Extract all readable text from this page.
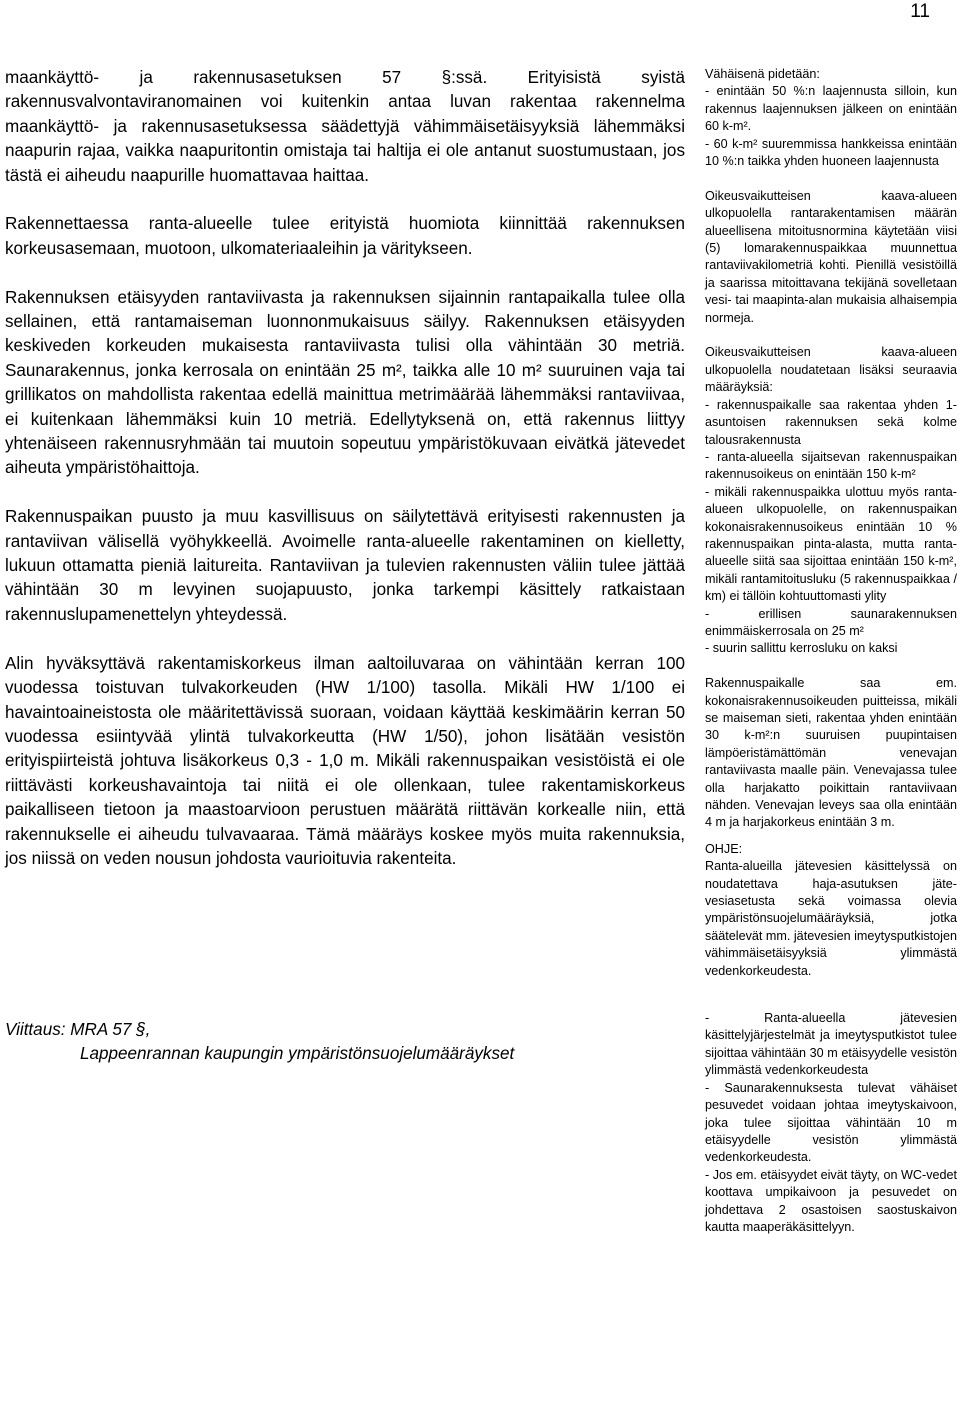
11

maankäyttö- ja rakennusasetuksen 57 §:ssä. Erityisistä syistä rakennusvalvontaviranomainen voi kuitenkin antaa luvan rakentaa rakennelma maankäyttö- ja rakennusasetuksessa säädettyjä vähimmäisetäisyyksiä lähemmäksi naapurin rajaa, vaikka naapuritontin omistaja tai haltija ei ole antanut suostumustaan, jos tästä ei aiheudu naapurille huomattavaa haittaa.

Rakennettaessa ranta-alueelle tulee erityistä huomiota kiinnittää rakennuksen korkeusasemaan, muotoon, ulkomateriaaleihin ja väritykseen.

Rakennuksen etäisyyden rantaviivasta ja rakennuksen sijainnin rantapaikalla tulee olla sellainen, että rantamaiseman luonnonmukaisuus säilyy. Rakennuksen etäisyyden keskiveden korkeuden mukaisesta rantaviivasta tulisi olla vähintään 30 metriä. Saunarakennus, jonka kerrosala on enintään 25 m², taikka alle 10 m² suuruinen vaja tai grillikatos on mahdollista rakentaa edellä mainittua metrimäärää lähemmäksi rantaviivaa, ei kuitenkaan lähemmäksi kuin 10 metriä. Edellytyksenä on, että rakennus liittyy yhtenäiseen rakennusryhmään tai muutoin sopeutuu ympäristökuvaan eivätkä jätevedet aiheuta ympäristöhaittoja.

Rakennuspaikan puusto ja muu kasvillisuus on säilytettävä erityisesti rakennusten ja rantaviivan välisellä vyöhykkeellä. Avoimelle ranta-alueelle rakentaminen on kielletty, lukuun ottamatta pieniä laitureita. Rantaviivan ja tulevien rakennusten väliin tulee jättää vähintään 30 m levyinen suojapuusto, jonka tarkempi käsittely ratkaistaan rakennuslupamenettelyn yhteydessä.

Alin hyväksyttävä rakentamiskorkeus ilman aaltoiluvaraa on vähintään kerran 100 vuodessa toistuvan tulvakorkeuden (HW 1/100) tasolla. Mikäli HW 1/100 ei havaintoaineistosta ole määritettävissä suoraan, voidaan käyttää keskimäärin kerran 50 vuodessa esiintyvää ylintä tulvakorkeutta (HW 1/50), johon lisätään vesistön erityispiirteistä johtuva lisäkorkeus 0,3 - 1,0 m. Mikäli rakennuspaikan vesistöistä ei ole riittävästi korkeushavaintoja tai niitä ei ole ollenkaan, tulee rakentamiskorkeus paikalliseen tietoon ja maastoarvioon perustuen määrätä riittävän korkealle niin, että rakennukselle ei aiheudu tulvavaaraa. Tämä määräys koskee myös muita rakennuksia, jos niissä on veden nousun johdosta vaurioituvia rakenteita.

Viittaus: MRA 57 §,
Lappeenrannan kaupungin ympäristönsuojelumääräykset

Vähäisenä pidetään:

- enintään 50 %:n laajennusta silloin, kun rakennus laajennuksen jälkeen on enintään 60 k-m².

- 60 k-m² suuremmissa hankkeissa enintään 10 %:n taikka yhden huoneen laajennusta

Oikeusvaikutteisen kaava-alueen ulkopuolella rantarakentamisen määrän alueellisena mitoitusnormina käytetään viisi (5) lomarakennuspaikkaa muunnettua rantaviivakilometriä kohti. Pienillä vesistöillä ja saarissa mitoittavana tekijänä sovelletaan vesi- tai maapinta-alan mukaisia alhaisempia normeja.

Oikeusvaikutteisen kaava-alueen ulkopuolella noudatetaan lisäksi seuraavia määräyksiä:

- rakennuspaikalle saa rakentaa yhden 1- asuntoisen rakennuksen sekä kolme talousrakennusta

- ranta-alueella sijaitsevan rakennuspaikan rakennusoikeus on enintään 150 k-m²

- mikäli rakennuspaikka ulottuu myös ranta-alueen ulkopuolelle, on rakennuspaikan kokonaisrakennusoikeus enintään 10 % rakennuspaikan pinta-alasta, mutta ranta-alueelle siitä saa sijoittaa enintään 150 k-m², mikäli rantamitoitusluku (5 rakennuspaikkaa / km) ei tällöin kohtuuttomasti ylity

- erillisen saunarakennuksen enimmäiskerrosala on 25 m²

- suurin sallittu kerrosluku on kaksi

Rakennuspaikalle saa em. kokonaisrakennusoikeuden puitteissa, mikäli se maiseman sieti, rakentaa yhden enintään 30 k-m²:n suuruisen puupintaisen lämpöeristämättömän venevajan rantaviivasta maalle päin. Venevajassa tulee olla harjakatto poikittain rantaviivaan nähden. Venevajan leveys saa olla enintään 4 m ja harjakorkeus enintään 3 m.

OHJE:

Ranta-alueilla jätevesien käsittelyssä on noudatettava haja-asutuksen jäte-vesiasetusta sekä voimassa olevia ympäristönsuojelumääräyksiä, jotka säätelevät mm. jätevesien imeytysputkistojen vähimmäisetäisyyksiä ylimmästä vedenkorkeudesta.

- Ranta-alueella jätevesien käsittelyjärjestelmät ja imeytysputkistot tulee sijoittaa vähintään 30 m etäisyydelle vesistön ylimmästä vedenkorkeudesta

- Saunarakennuksesta tulevat vähäiset pesuvedet voidaan johtaa imeytyskaivoon, joka tulee sijoittaa vähintään 10 m etäisyydelle vesistön ylimmästä vedenkorkeudesta.

- Jos em. etäisyydet eivät täyty, on WC-vedet koottava umpikaivoon ja pesuvedet on johdettava 2 osastoisen saostuskaivon kautta maaperäkäsittelyyn.
